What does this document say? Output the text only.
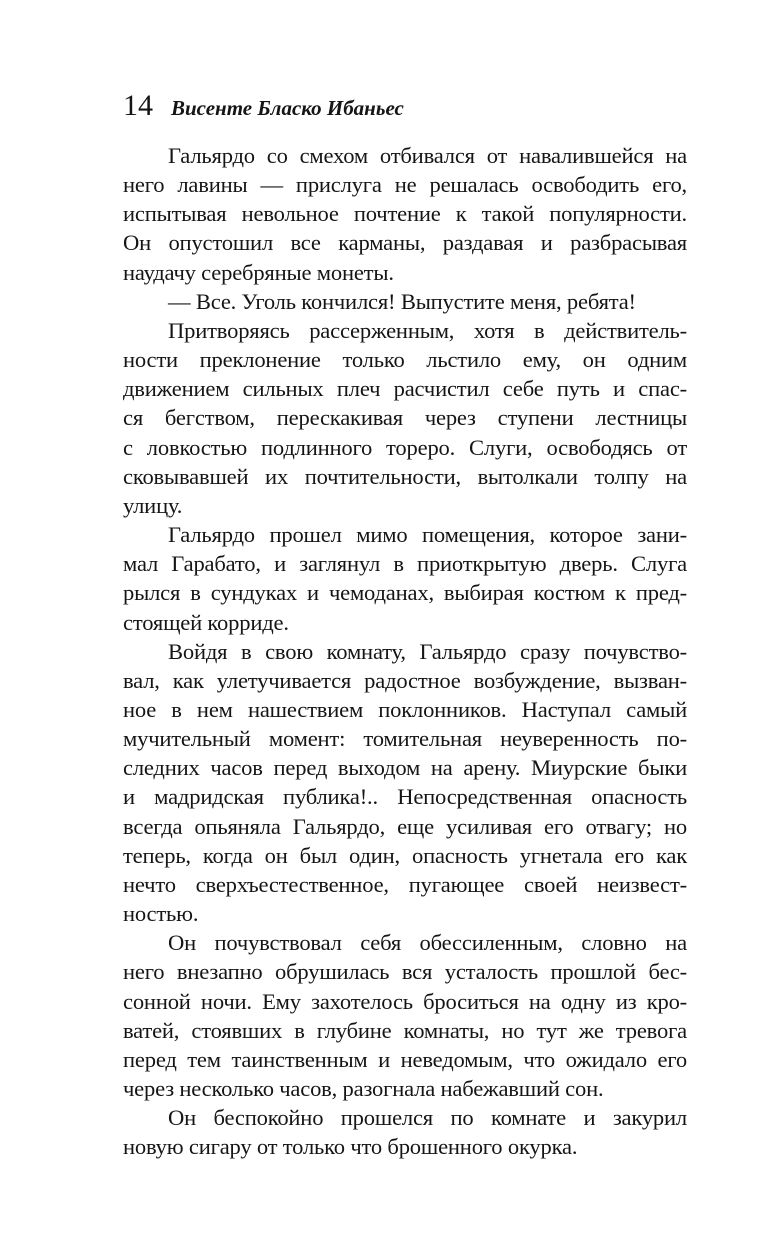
14 Висенте Бласко Ибаньес
Гальярдо со смехом отбивался от навалившейся на
него лавины — прислуга не решалась освободить его,
испытывая невольное почтение к такой популярности.
Он опустошил все карманы, раздавая и разбрасывая
наудачу серебряные монеты.
— Все. Уголь кончился! Выпустите меня, ребята!
Притворяясь рассерженным, хотя в действитель-
ности преклонение только льстило ему, он одним
движением сильных плеч расчистил себе путь и спас-
ся бегством, перескакивая через ступени лестницы
с ловкостью подлинного тореро. Слуги, освободясь от
сковывавшей их почтительности, вытолкали толпу на
улицу.
Гальярдо прошел мимо помещения, которое зани-
мал Гарабато, и заглянул в приоткрытую дверь. Слуга
рылся в сундуках и чемоданах, выбирая костюм к пред-
стоящей корриде.
Войдя в свою комнату, Гальярдо сразу почувство-
вал, как улетучивается радостное возбуждение, вызван-
ное в нем нашествием поклонников. Наступал самый
мучительный момент: томительная неуверенность по-
следних часов перед выходом на арену. Миурские быки
и мадридская публика!.. Непосредственная опасность
всегда опьяняла Гальярдо, еще усиливая его отвагу; но
теперь, когда он был один, опасность угнетала его как
нечто сверхъестественное, пугающее своей неизвест-
ностью.
Он почувствовал себя обессиленным, словно на
него внезапно обрушилась вся усталость прошлой бес-
сонной ночи. Ему захотелось броситься на одну из кро-
ватей, стоявших в глубине комнаты, но тут же тревога
перед тем таинственным и неведомым, что ожидало его
через несколько часов, разогнала набежавший сон.
Он беспокойно прошелся по комнате и закурил
новую сигару от только что брошенного окурка.
